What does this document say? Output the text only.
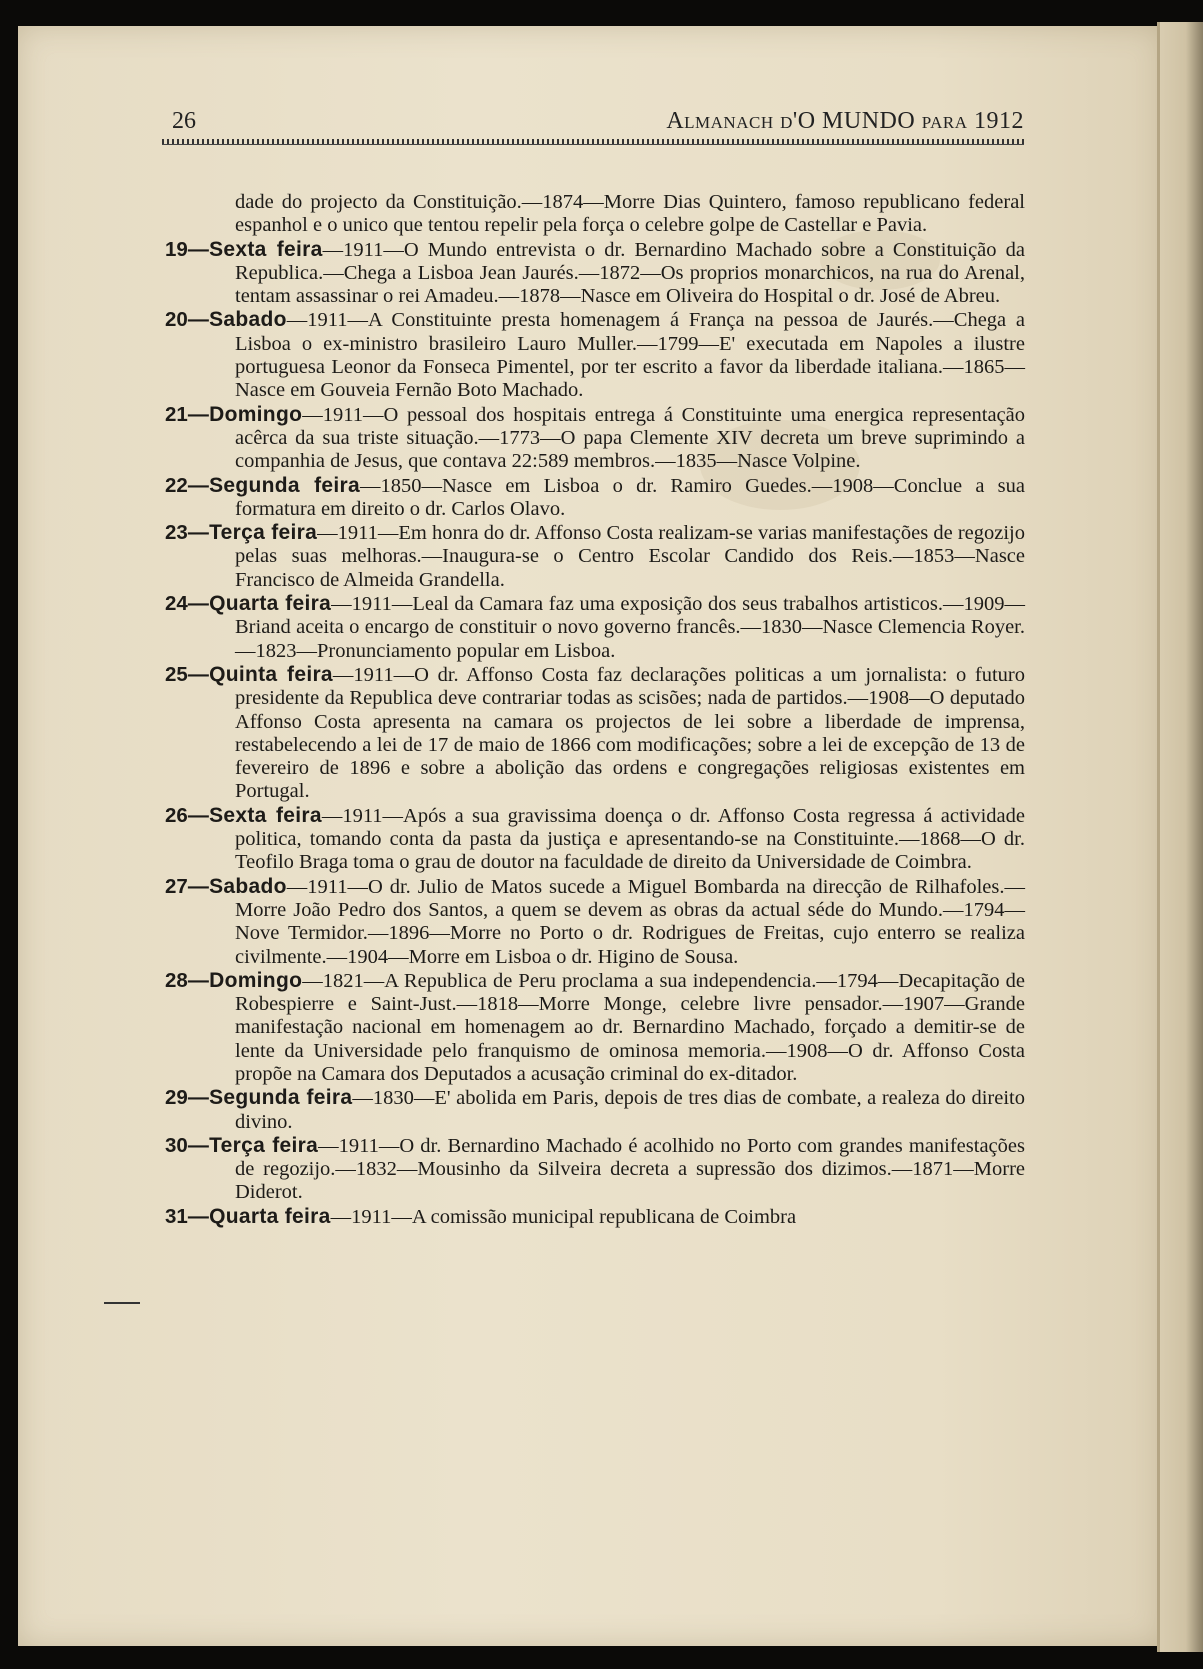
26	Almanach d'O MUNDO para 1912

dade do projecto da Constituição.—1874—Morre Dias Quintero, famoso republicano federal espanhol e o unico que tentou repelir pela força o celebre golpe de Castellar e Pavia.

19—Sexta feira—1911—O Mundo entrevista o dr. Bernardino Machado sobre a Constituição da Republica.—Chega a Lisboa Jean Jaurés.—1872—Os proprios monarchicos, na rua do Arenal, tentam assassinar o rei Amadeu.—1878—Nasce em Oliveira do Hospital o dr. José de Abreu.

20—Sabado—1911—A Constituinte presta homenagem á França na pessoa de Jaurés.—Chega a Lisboa o ex-ministro brasileiro Lauro Muller.—1799—E' executada em Napoles a ilustre portuguesa Leonor da Fonseca Pimentel, por ter escrito a favor da liberdade italiana.—1865—Nasce em Gouveia Fernão Boto Machado.

21—Domingo—1911—O pessoal dos hospitais entrega á Constituinte uma energica representação acêrca da sua triste situação.—1773—O papa Clemente XIV decreta um breve suprimindo a companhia de Jesus, que contava 22:589 membros.—1835—Nasce Volpine.

22—Segunda feira—1850—Nasce em Lisboa o dr. Ramiro Guedes.—1908—Conclue a sua formatura em direito o dr. Carlos Olavo.

23—Terça feira—1911—Em honra do dr. Affonso Costa realizam-se varias manifestações de regozijo pelas suas melhoras.—Inaugura-se o Centro Escolar Candido dos Reis.—1853—Nasce Francisco de Almeida Grandella.

24—Quarta feira—1911—Leal da Camara faz uma exposição dos seus trabalhos artisticos.—1909—Briand aceita o encargo de constituir o novo governo francês.—1830—Nasce Clemencia Royer.—1823—Pronunciamento popular em Lisboa.

25—Quinta feira—1911—O dr. Affonso Costa faz declarações politicas a um jornalista: o futuro presidente da Republica deve contrariar todas as scisões; nada de partidos.—1908—O deputado Affonso Costa apresenta na camara os projectos de lei sobre a liberdade de imprensa, restabelecendo a lei de 17 de maio de 1866 com modificações; sobre a lei de excepção de 13 de fevereiro de 1896 e sobre a abolição das ordens e congregações religiosas existentes em Portugal.

26—Sexta feira—1911—Após a sua gravissima doença o dr. Affonso Costa regressa á actividade politica, tomando conta da pasta da justiça e apresentando-se na Constituinte.—1868—O dr. Teofilo Braga toma o grau de doutor na faculdade de direito da Universidade de Coimbra.

27—Sabado—1911—O dr. Julio de Matos sucede a Miguel Bombarda na direcção de Rilhafoles.—Morre João Pedro dos Santos, a quem se devem as obras da actual séde do Mundo.—1794—Nove Termidor.—1896—Morre no Porto o dr. Rodrigues de Freitas, cujo enterro se realiza civilmente.—1904—Morre em Lisboa o dr. Higino de Sousa.

28—Domingo—1821—A Republica de Peru proclama a sua independencia.—1794—Decapitação de Robespierre e Saint-Just.—1818—Morre Monge, celebre livre pensador.—1907—Grande manifestação nacional em homenagem ao dr. Bernardino Machado, forçado a demitir-se de lente da Universidade pelo franquismo de ominosa memoria.—1908—O dr. Affonso Costa propõe na Camara dos Deputados a acusação criminal do ex-ditador.

29—Segunda feira—1830—E' abolida em Paris, depois de tres dias de combate, a realeza do direito divino.

30—Terça feira—1911—O dr. Bernardino Machado é acolhido no Porto com grandes manifestações de regozijo.—1832—Mousinho da Silveira decreta a supressão dos dizimos.—1871—Morre Diderot.

31—Quarta feira—1911—A comissão municipal republicana de Coimbra
